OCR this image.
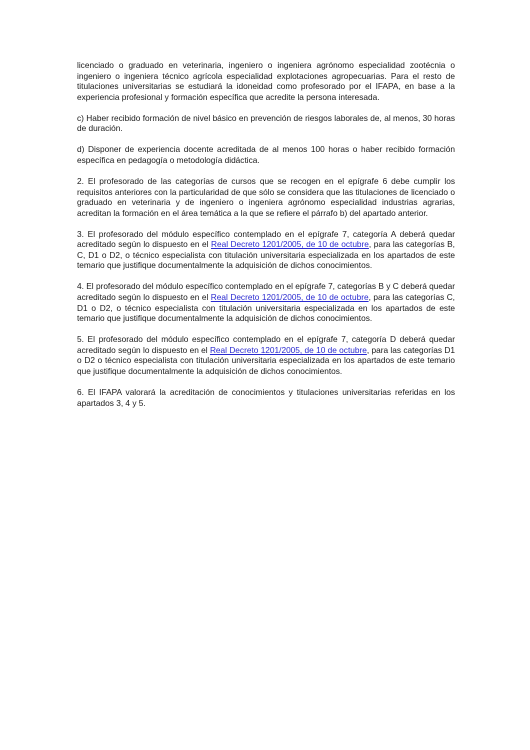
licenciado o graduado en veterinaria, ingeniero o ingeniera agrónomo especialidad zootécnia o ingeniero o ingeniera técnico agrícola especialidad explotaciones agropecuarias. Para el resto de titulaciones universitarias se estudiará la idoneidad como profesorado por el IFAPA, en base a la experiencia profesional y formación específica que acredite la persona interesada.

c) Haber recibido formación de nivel básico en prevención de riesgos laborales de, al menos, 30 horas de duración.

d) Disponer de experiencia docente acreditada de al menos 100 horas o haber recibido formación específica en pedagogía o metodología didáctica.

2. El profesorado de las categorías de cursos que se recogen en el epígrafe 6 debe cumplir los requisitos anteriores con la particularidad de que sólo se considera que las titulaciones de licenciado o graduado en veterinaria y de ingeniero o ingeniera agrónomo especialidad industrias agrarias, acreditan la formación en el área temática a la que se refiere el párrafo b) del apartado anterior.

3. El profesorado del módulo específico contemplado en el epígrafe 7, categoría A deberá quedar acreditado según lo dispuesto en el Real Decreto 1201/2005, de 10 de octubre, para las categorías B, C, D1 o D2, o técnico especialista con titulación universitaria especializada en los apartados de este temario que justifique documentalmente la adquisición de dichos conocimientos.

4. El profesorado del módulo específico contemplado en el epígrafe 7, categorías B y C deberá quedar acreditado según lo dispuesto en el Real Decreto 1201/2005, de 10 de octubre, para las categorías C, D1 o D2, o técnico especialista con titulación universitaria especializada en los apartados de este temario que justifique documentalmente la adquisición de dichos conocimientos.

5. El profesorado del módulo específico contemplado en el epígrafe 7, categoría D deberá quedar acreditado según lo dispuesto en el Real Decreto 1201/2005, de 10 de octubre, para las categorías D1 o D2 o técnico especialista con titulación universitaria especializada en los apartados de este temario que justifique documentalmente la adquisición de dichos conocimientos.

6. El IFAPA valorará la acreditación de conocimientos y titulaciones universitarias referidas en los apartados 3, 4 y 5.
